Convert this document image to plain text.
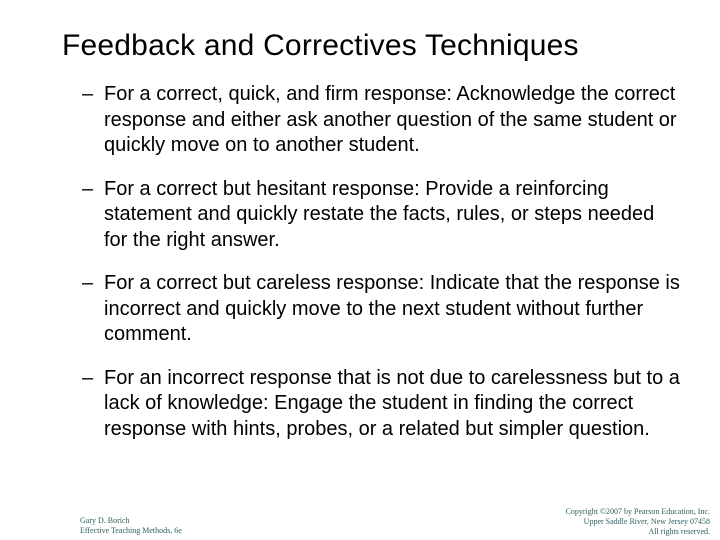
Feedback and Correctives Techniques
– For a correct, quick, and firm response: Acknowledge the correct response and either ask another question of the same student or quickly move on to another student.
– For a correct but hesitant response: Provide a reinforcing statement and quickly restate the facts, rules, or steps needed for the right answer.
– For a correct but careless response: Indicate that the response is incorrect and quickly move to the next student without further comment.
– For an incorrect response that is not due to carelessness but to a lack of knowledge: Engage the student in finding the correct response with hints, probes, or a related but simpler question.
Gary D. Borich
Effective Teaching Methods, 6e
Copyright ©2007 by Pearson Education, Inc.
Upper Saddle River, New Jersey 07458
All rights reserved.
